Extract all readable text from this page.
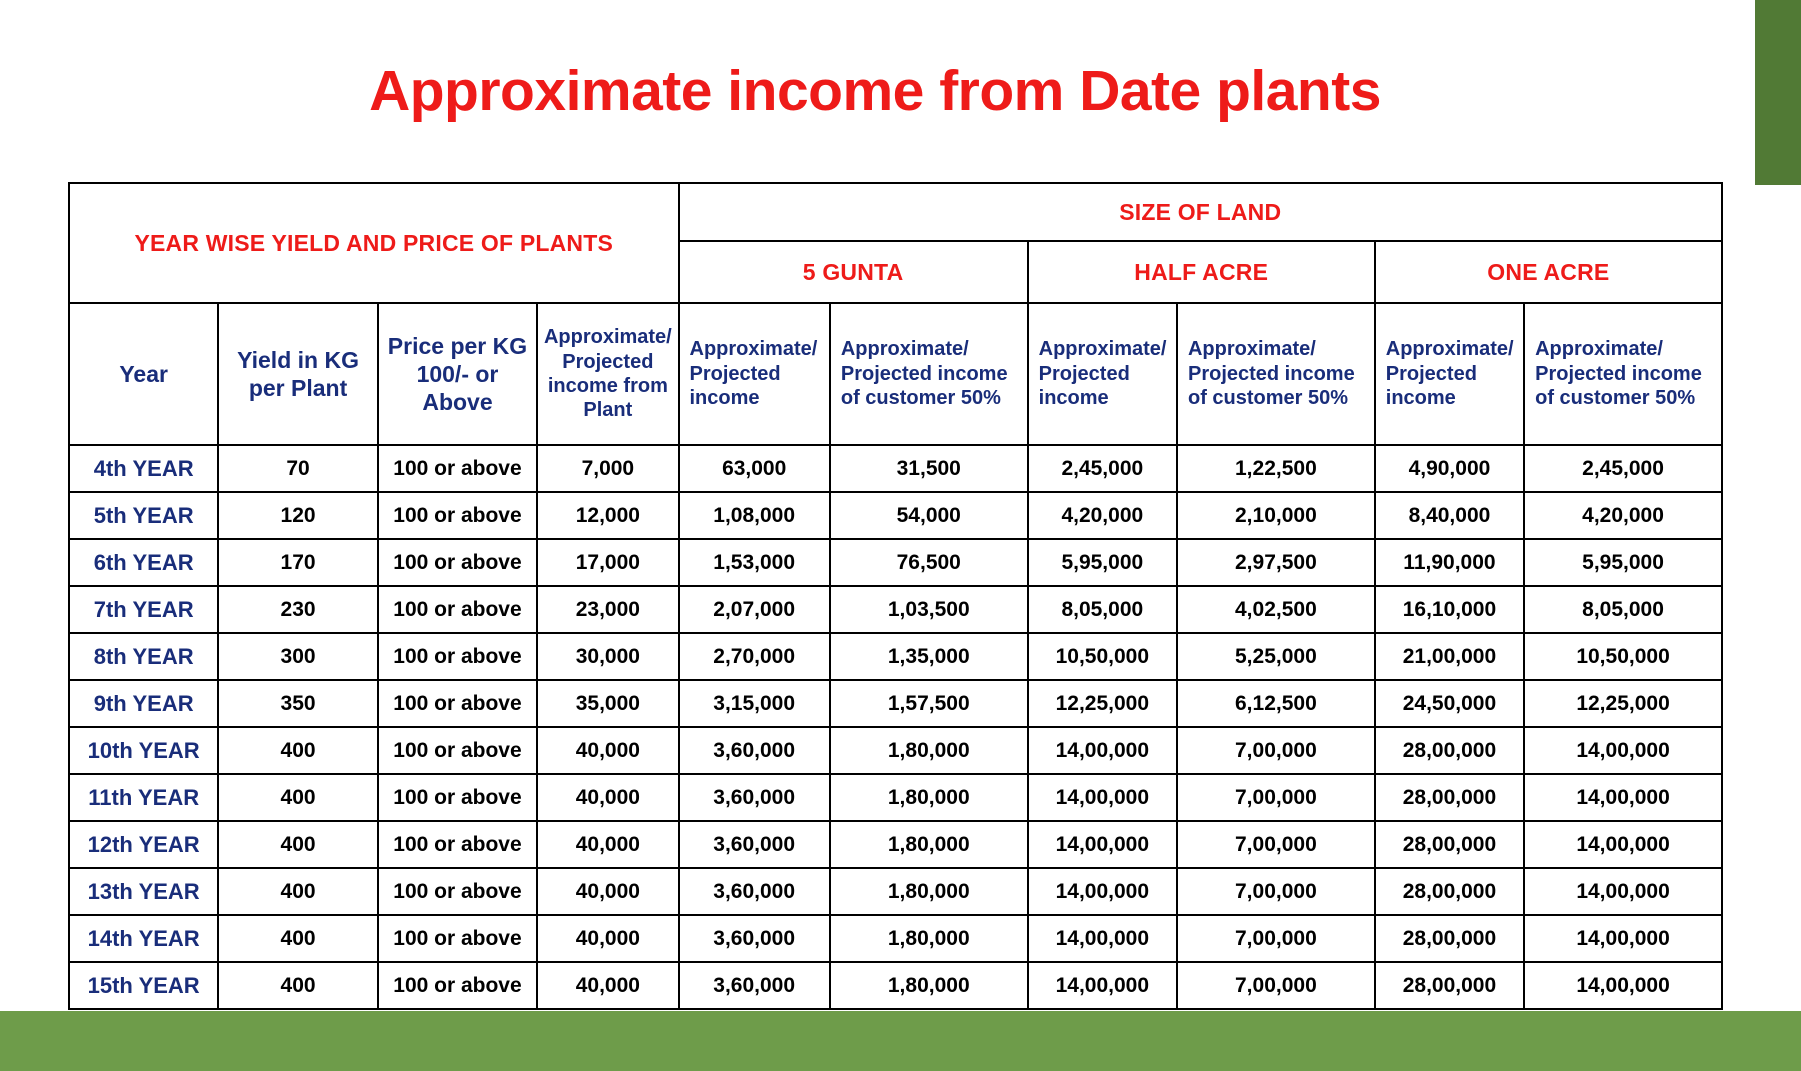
Approximate income from Date plants
YEAR WISE YIELD AND PRICE OF PLANTS				SIZE OF LAND					
				5 GUNTA		HALF ACRE		ONE ACRE	
Year	Yield in KG per Plant	Price per KG 100/- or Above	Approximate/ Projected income from Plant	Approximate/ Projected income	Approximate/ Projected income of customer 50%	Approximate/ Projected income	Approximate/ Projected income of customer 50%	Approximate/ Projected income	Approximate/ Projected income of customer 50%
4th YEAR	70	100 or above	7,000	63,000	31,500	2,45,000	1,22,500	4,90,000	2,45,000
5th YEAR	120	100 or above	12,000	1,08,000	54,000	4,20,000	2,10,000	8,40,000	4,20,000
6th YEAR	170	100 or above	17,000	1,53,000	76,500	5,95,000	2,97,500	11,90,000	5,95,000
7th YEAR	230	100 or above	23,000	2,07,000	1,03,500	8,05,000	4,02,500	16,10,000	8,05,000
8th YEAR	300	100 or above	30,000	2,70,000	1,35,000	10,50,000	5,25,000	21,00,000	10,50,000
9th YEAR	350	100 or above	35,000	3,15,000	1,57,500	12,25,000	6,12,500	24,50,000	12,25,000
10th YEAR	400	100 or above	40,000	3,60,000	1,80,000	14,00,000	7,00,000	28,00,000	14,00,000
11th YEAR	400	100 or above	40,000	3,60,000	1,80,000	14,00,000	7,00,000	28,00,000	14,00,000
12th YEAR	400	100 or above	40,000	3,60,000	1,80,000	14,00,000	7,00,000	28,00,000	14,00,000
13th YEAR	400	100 or above	40,000	3,60,000	1,80,000	14,00,000	7,00,000	28,00,000	14,00,000
14th YEAR	400	100 or above	40,000	3,60,000	1,80,000	14,00,000	7,00,000	28,00,000	14,00,000
15th YEAR	400	100 or above	40,000	3,60,000	1,80,000	14,00,000	7,00,000	28,00,000	14,00,000
